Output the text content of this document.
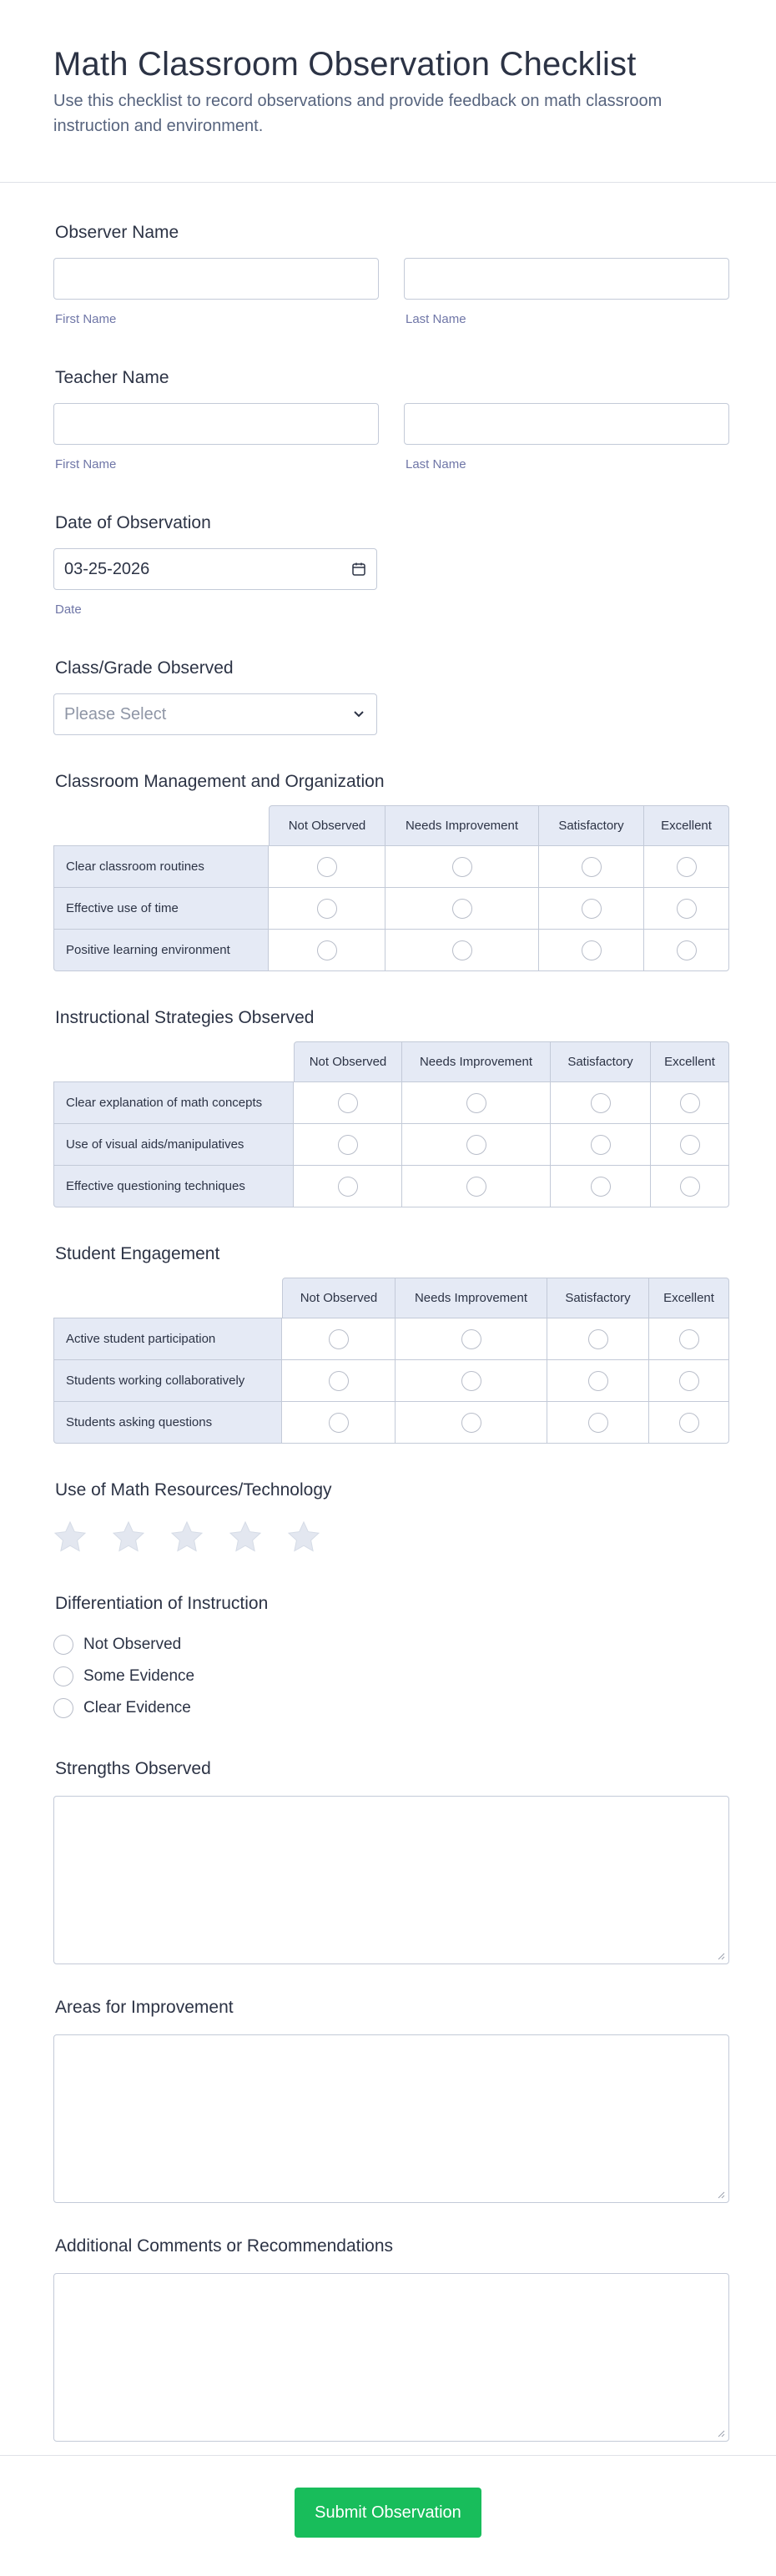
Math Classroom Observation Checklist

Use this checklist to record observations and provide feedback on math classroom instruction and environment.

Observer Name
First Name	Last Name
Teacher Name
First Name	Last Name
Date of Observation
03-25-2026
Date
Class/Grade Observed
Please Select
Classroom Management and Organization
	Not Observed	Needs Improvement	Satisfactory	Excellent
Clear classroom routines				
Effective use of time				
Positive learning environment				
Instructional Strategies Observed
	Not Observed	Needs Improvement	Satisfactory	Excellent
Clear explanation of math concepts				
Use of visual aids/manipulatives				
Effective questioning techniques				
Student Engagement
	Not Observed	Needs Improvement	Satisfactory	Excellent
Active student participation				
Students working collaboratively				
Students asking questions				
Use of Math Resources/Technology
Differentiation of Instruction
Not Observed
Some Evidence
Clear Evidence
Strengths Observed
Areas for Improvement
Additional Comments or Recommendations
Submit Observation
